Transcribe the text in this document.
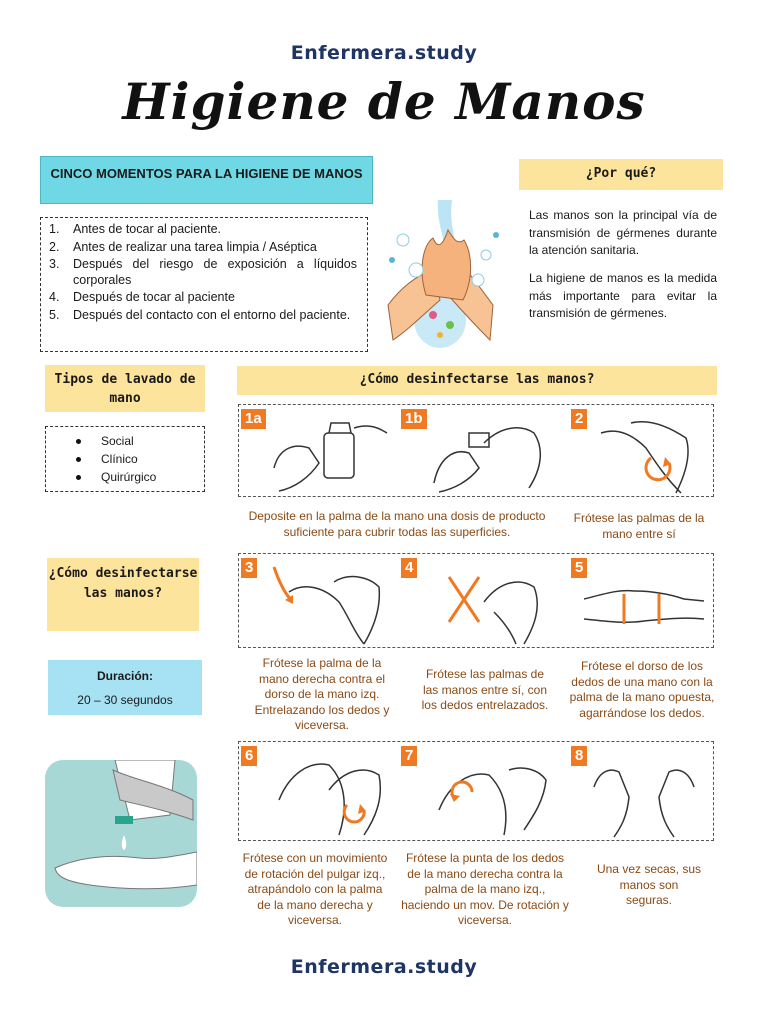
Enfermera.study
Higiene de Manos
CINCO MOMENTOS PARA LA HIGIENE DE MANOS
1.	Antes de tocar al paciente.
2.	Antes de realizar una tarea limpia / Aséptica
3.	Después del riesgo de exposición a líquidos corporales
4.	Después de tocar al paciente
5.	Después del contacto con el entorno del paciente.
¿Por qué?

Las manos son la principal vía de transmisión de gérmenes durante la atención sanitaria.

La higiene de manos es la medida más importante para evitar la transmisión de gérmenes.

Tipos de lavado de mano
Social
Clínico
Quirúrgico
¿Cómo desinfectarse las manos?
¿Cómo desinfectarse las manos?
Duración:
20 – 30 segundos
1a	1b	2
Deposite en la palma de la mano una dosis de producto suficiente para cubrir todas las superficies.
Frótese las palmas de la mano entre sí
3	4	5
Frótese la palma de la mano derecha contra el dorso de la mano izq. Entrelazando los dedos y viceversa.
Frótese las palmas de las manos entre sí, con los dedos entrelazados.
Frótese el dorso de los dedos de una mano con la palma de la mano opuesta, agarrándose los dedos.
6	7	8
Frótese con un movimiento de rotación del pulgar izq., atrapándolo con la palma de la mano derecha y viceversa.
Frótese la punta de los dedos de la mano derecha contra la palma de la mano izq., haciendo un mov. De rotación y viceversa.
Una vez secas, sus manos son seguras.
Enfermera.study
